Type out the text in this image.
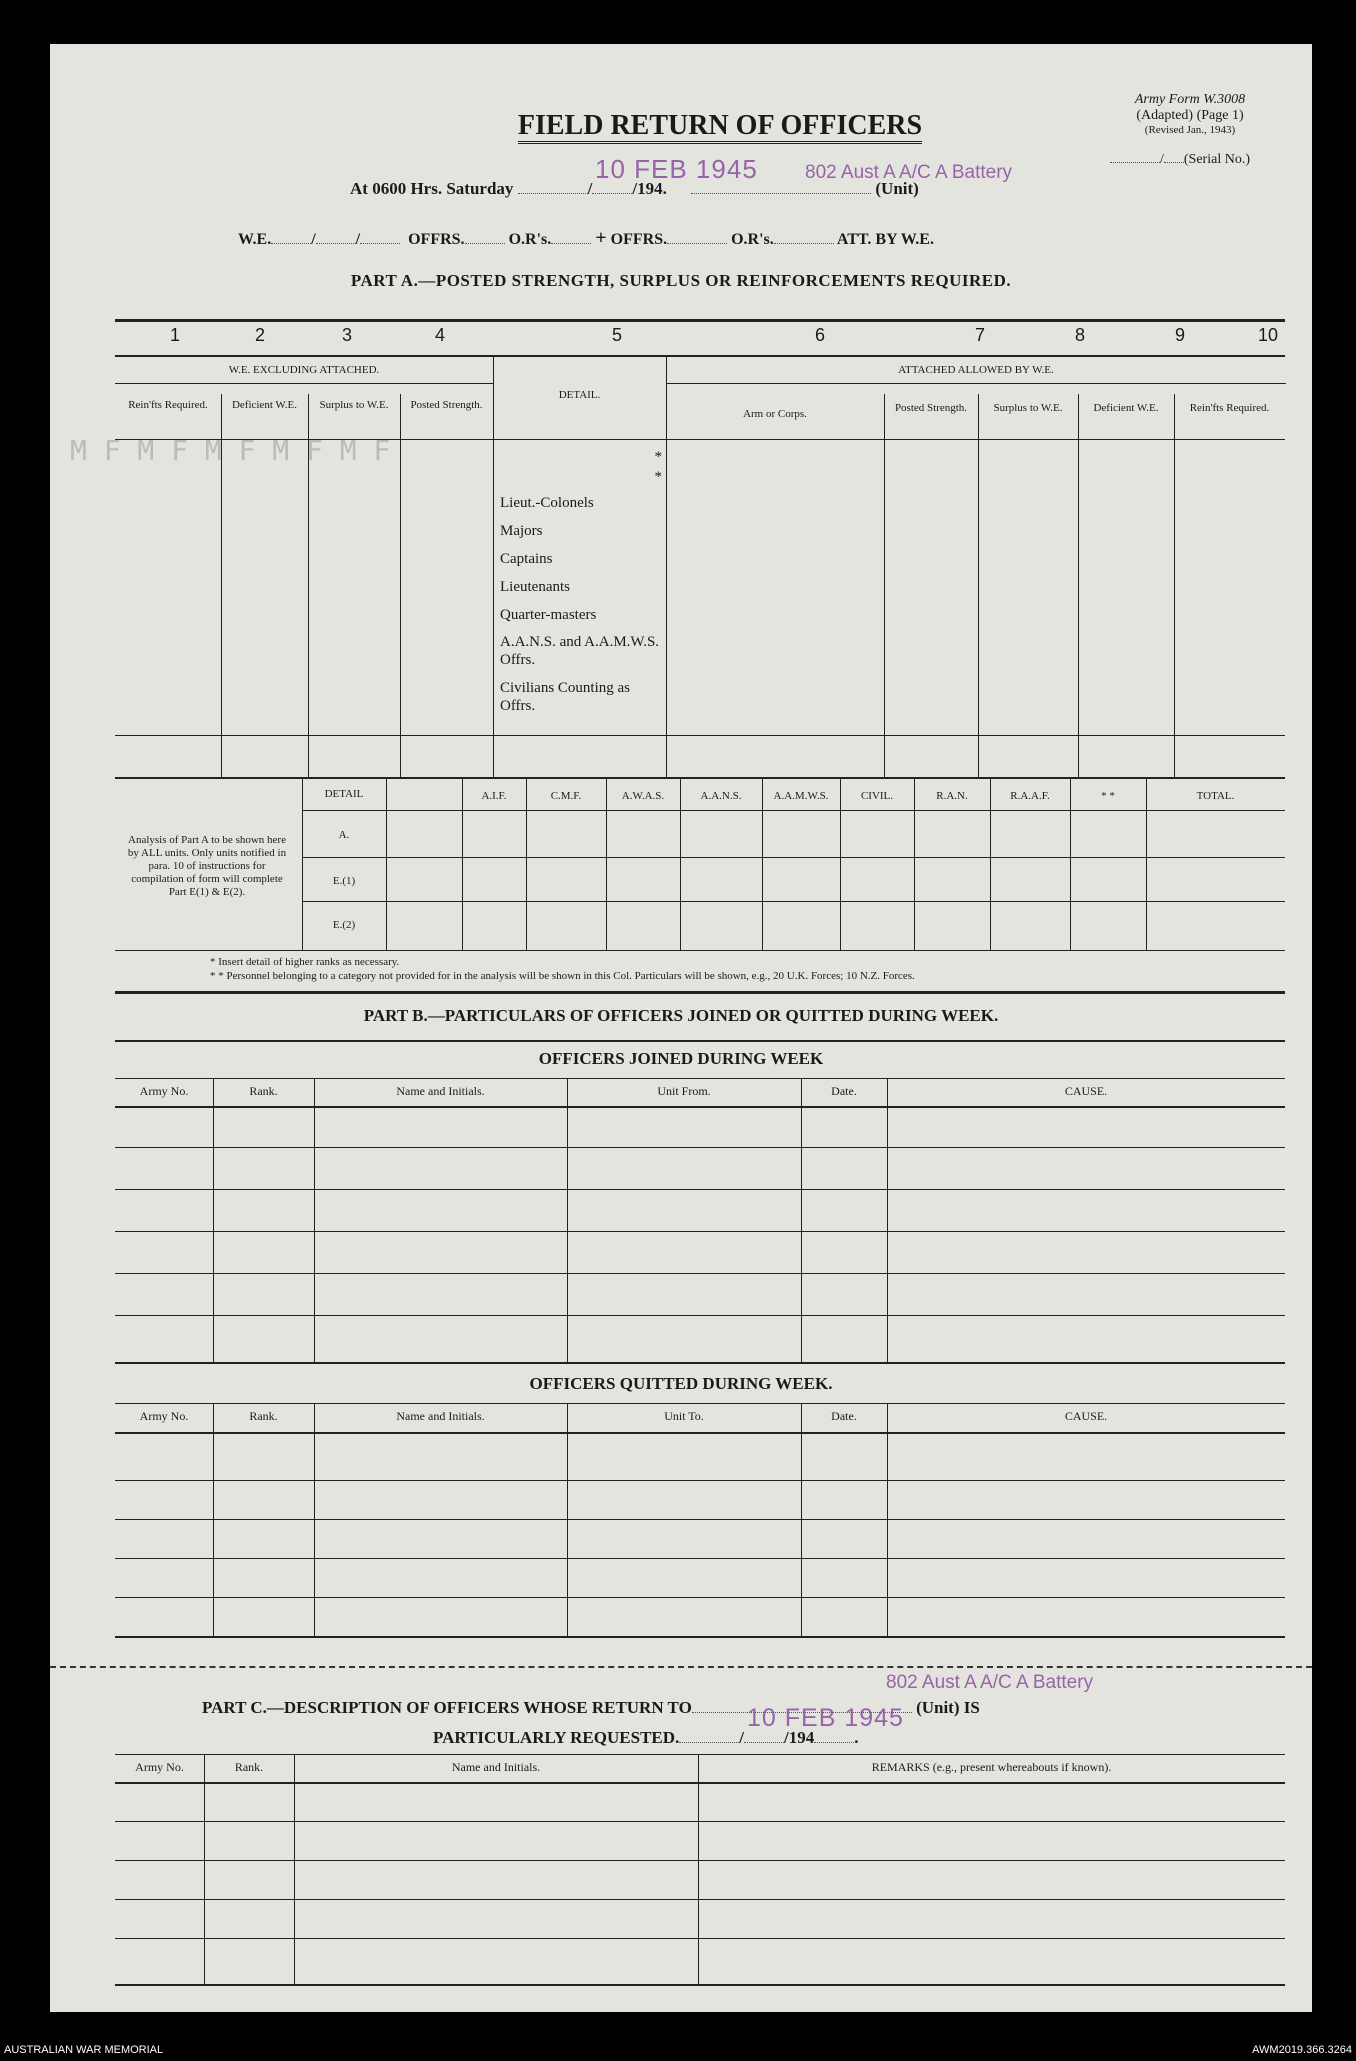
Army Form W.3008
(Adapted) (Page 1)
(Revised Jan., 1943)
FIELD RETURN OF OFFICERS
/ (Serial No.)
At 0600 Hrs. Saturday	/ /194.	(Unit)
10 FEB 1945 802 Aust A A/C A Battery
W.E.	/	/	OFFRS.	O.R's. + OFFRS.	O.R's.	ATT. BY W.E.
PART A.—POSTED STRENGTH, SURPLUS OR REINFORCEMENTS REQUIRED.
1	2	3	4	5	6	7	8	9	10
W.E. EXCLUDING ATTACHED.	ATTACHED ALLOWED BY W.E.
DETAIL.
Rein'fts Required.	Deficient W.E.	Surplus to W.E.	Posted Strength.
Arm or Corps.	Posted Strength.	Surplus to W.E.	Deficient W.E.	Rein'fts Required.
*
*
Lieut.-Colonels
Majors
Captains
Lieutenants
Quarter-masters
A.A.N.S. and A.A.M.W.S. Offrs.
Civilians Counting as Offrs.
M F M F M F M F M F
Analysis of Part A to be shown here by ALL units. Only units notified in para. 10 of instructions for compilation of form will complete Part E(1) & E(2).
DETAIL	A.I.F.	C.M.F.	A.W.A.S.	A.A.N.S.	A.A.M.W.S.	CIVIL.	R.A.N.	R.A.A.F.	* *	TOTAL.
A.
E.(1)
E.(2)
* Insert detail of higher ranks as necessary.
* * Personnel belonging to a category not provided for in the analysis will be shown in this Col. Particulars will be shown, e.g., 20 U.K. Forces; 10 N.Z. Forces.
PART B.—PARTICULARS OF OFFICERS JOINED OR QUITTED DURING WEEK.
OFFICERS JOINED DURING WEEK
Army No.	Rank.	Name and Initials.	Unit From.	Date.	CAUSE.
OFFICERS QUITTED DURING WEEK.
Army No.	Rank.	Name and Initials.	Unit To.	Date.	CAUSE.
PART C.—DESCRIPTION OF OFFICERS WHOSE RETURN TO	(Unit) IS
802 Aust A A/C A Battery
PARTICULARLY REQUESTED.	/ /194 .
10 FEB 1945
Army No.	Rank.	Name and Initials.	REMARKS (e.g., present whereabouts if known).
AUSTRALIAN WAR MEMORIAL	AWM2019.366.3264
